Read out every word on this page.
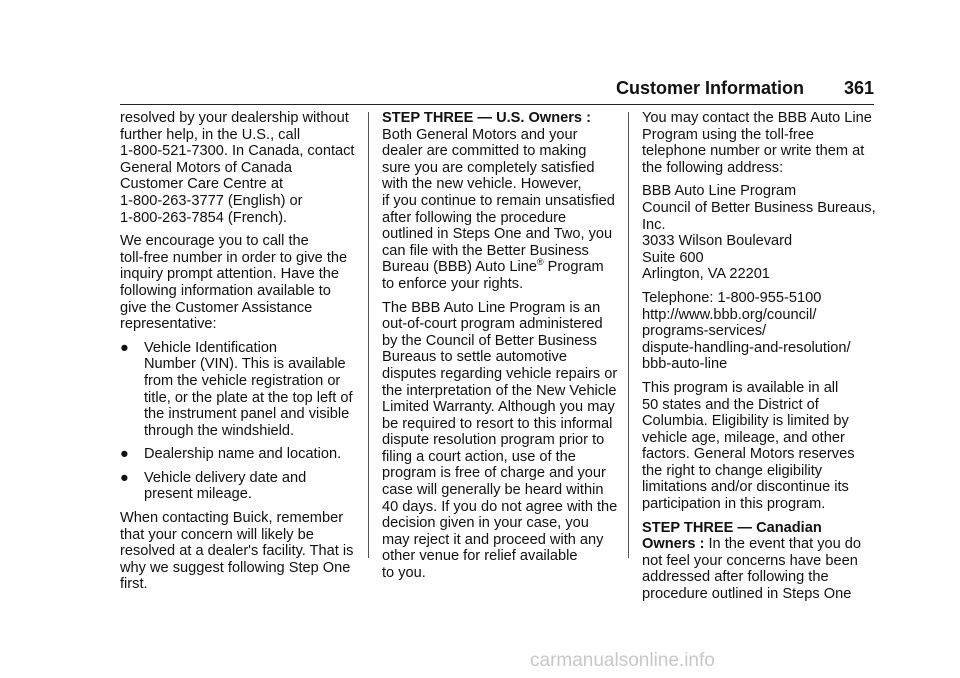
Customer Information 361

resolved by your dealership without
further help, in the U.S., call
1-800-521-7300. In Canada, contact
General Motors of Canada
Customer Care Centre at
1-800-263-3777 (English) or
1-800-263-7854 (French).

We encourage you to call the
toll-free number in order to give the
inquiry prompt attention. Have the
following information available to
give the Customer Assistance
representative:

●	Vehicle Identification
Number (VIN). This is available
from the vehicle registration or
title, or the plate at the top left of
the instrument panel and visible
through the windshield.
●	Dealership name and location.
●	Vehicle delivery date and
present mileage.

When contacting Buick, remember
that your concern will likely be
resolved at a dealer's facility. That is
why we suggest following Step One
first.

STEP THREE — U.S. Owners :
Both General Motors and your
dealer are committed to making
sure you are completely satisfied
with the new vehicle. However,
if you continue to remain unsatisfied
after following the procedure
outlined in Steps One and Two, you
can file with the Better Business
Bureau (BBB) Auto Line® Program
to enforce your rights.

The BBB Auto Line Program is an
out-of-court program administered
by the Council of Better Business
Bureaus to settle automotive
disputes regarding vehicle repairs or
the interpretation of the New Vehicle
Limited Warranty. Although you may
be required to resort to this informal
dispute resolution program prior to
filing a court action, use of the
program is free of charge and your
case will generally be heard within
40 days. If you do not agree with the
decision given in your case, you
may reject it and proceed with any
other venue for relief available
to you.

You may contact the BBB Auto Line
Program using the toll-free
telephone number or write them at
the following address:

BBB Auto Line Program
Council of Better Business Bureaus,
Inc.
3033 Wilson Boulevard
Suite 600
Arlington, VA 22201

Telephone: 1-800-955-5100
http://www.bbb.org/council/
programs-services/
dispute-handling-and-resolution/
bbb-auto-line

This program is available in all
50 states and the District of
Columbia. Eligibility is limited by
vehicle age, mileage, and other
factors. General Motors reserves
the right to change eligibility
limitations and/or discontinue its
participation in this program.

STEP THREE — Canadian
Owners : In the event that you do
not feel your concerns have been
addressed after following the
procedure outlined in Steps One

carmanualsonline.info
